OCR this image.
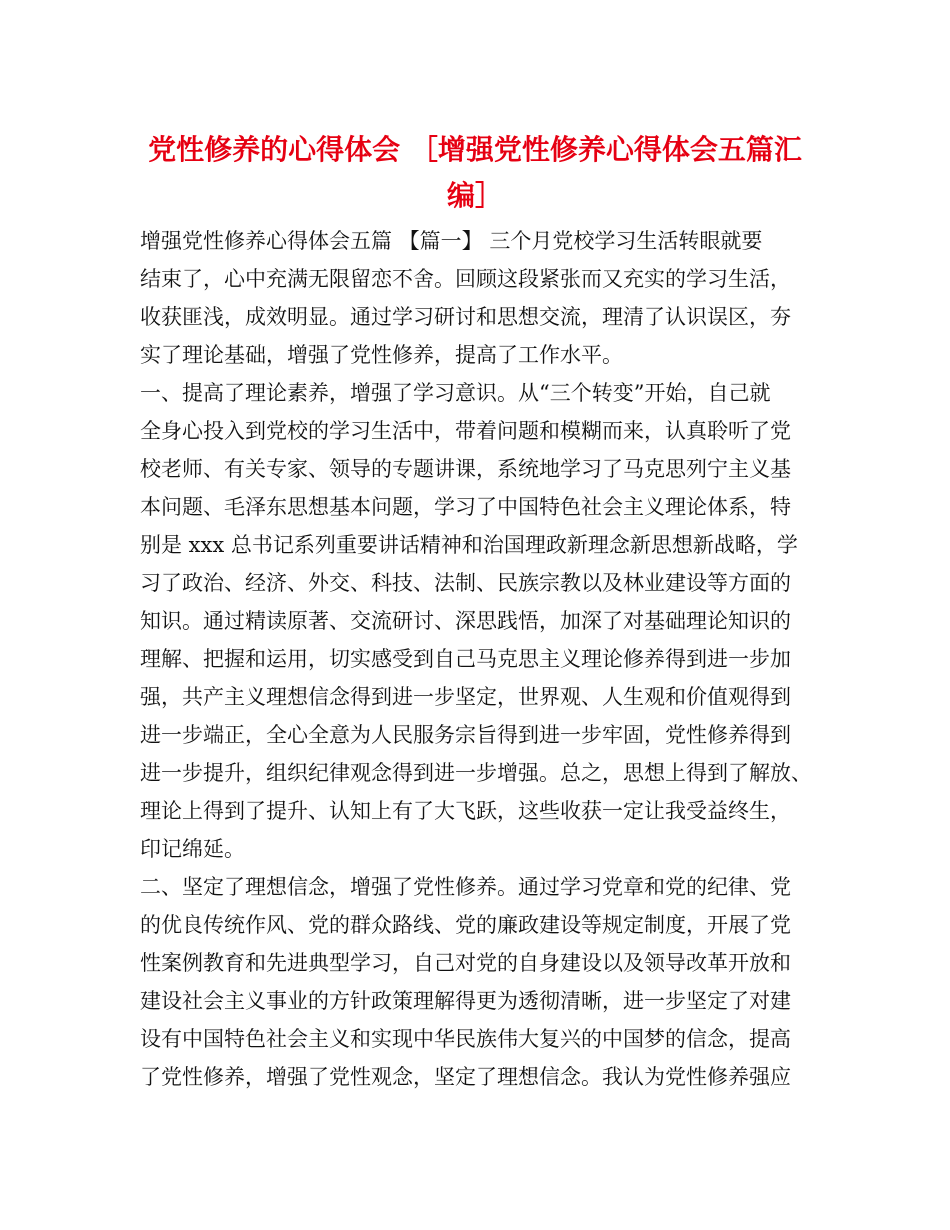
党性修养的心得体会 ［增强党性修养心得体会五篇汇
编］
增强党性修养心得体会五篇 【篇一】 三个月党校学习生活转眼就要
结束了，心中充满无限留恋不舍。回顾这段紧张而又充实的学习生活，
收获匪浅，成效明显。通过学习研讨和思想交流，理清了认识误区，夯
实了理论基础，增强了党性修养，提高了工作水平。
一、提高了理论素养，增强了学习意识。从“三个转变”开始，自己就
全身心投入到党校的学习生活中，带着问题和模糊而来，认真聆听了党
校老师、有关专家、领导的专题讲课，系统地学习了马克思列宁主义基
本问题、毛泽东思想基本问题，学习了中国特色社会主义理论体系，特
别是 xxx 总书记系列重要讲话精神和治国理政新理念新思想新战略，学
习了政治、经济、外交、科技、法制、民族宗教以及林业建设等方面的
知识。通过精读原著、交流研讨、深思践悟，加深了对基础理论知识的
理解、把握和运用，切实感受到自己马克思主义理论修养得到进一步加
强，共产主义理想信念得到进一步坚定，世界观、人生观和价值观得到
进一步端正，全心全意为人民服务宗旨得到进一步牢固，党性修养得到
进一步提升，组织纪律观念得到进一步增强。总之，思想上得到了解放、
理论上得到了提升、认知上有了大飞跃，这些收获一定让我受益终生，
印记绵延。
二、坚定了理想信念，增强了党性修养。通过学习党章和党的纪律、党
的优良传统作风、党的群众路线、党的廉政建设等规定制度，开展了党
性案例教育和先进典型学习，自己对党的自身建设以及领导改革开放和
建设社会主义事业的方针政策理解得更为透彻清晰，进一步坚定了对建
设有中国特色社会主义和实现中华民族伟大复兴的中国梦的信念，提高
了党性修养，增强了党性观念，坚定了理想信念。我认为党性修养强应
